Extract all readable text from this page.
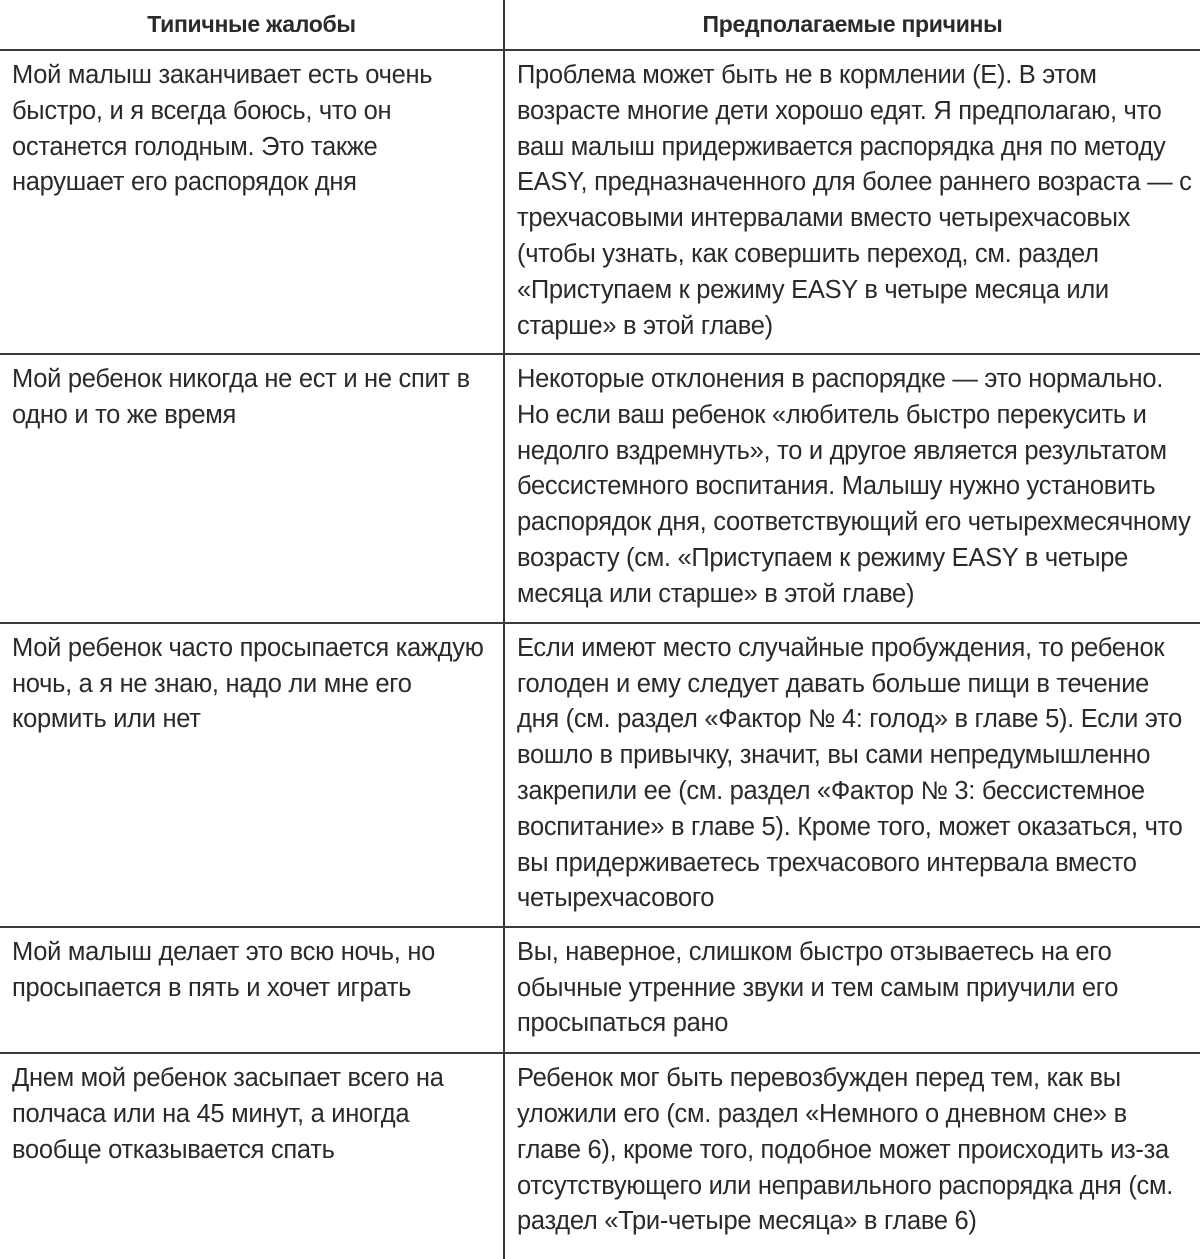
Типичные жалобы	Предполагаемые причины
Мой малыш заканчивает есть очень быстро, и я всегда боюсь, что он останется голодным. Это также нарушает его распорядок дня	Проблема может быть не в кормлении (Е). В этом возрасте многие дети хорошо едят. Я предполагаю, что ваш малыш придерживается распорядка дня по методу EASY, предназначенного для более раннего возраста — с трехчасовыми интервалами вместо четырехчасовых (чтобы узнать, как совершить переход, см. раздел «Приступаем к режиму EASY в четыре месяца или старше» в этой главе)
Мой ребенок никогда не ест и не спит в одно и то же время	Некоторые отклонения в распорядке — это нормально. Но если ваш ребенок «любитель быстро перекусить и недолго вздремнуть», то и другое является результатом бессистемного воспитания. Малышу нужно установить распорядок дня, соответствующий его четырехмесячному возрасту (см. «Приступаем к режиму EASY в четыре месяца или старше» в этой главе)
Мой ребенок часто просыпается каждую ночь, а я не знаю, надо ли мне его кормить или нет	Если имеют место случайные пробуждения, то ребенок голоден и ему следует давать больше пищи в течение дня (см. раздел «Фактор № 4: голод» в главе 5). Если это вошло в привычку, значит, вы сами непредумышленно закрепили ее (см. раздел «Фактор № 3: бессистемное воспитание» в главе 5). Кроме того, может оказаться, что вы придерживаетесь трехчасового интервала вместо четырехчасового
Мой малыш делает это всю ночь, но просыпается в пять и хочет играть	Вы, наверное, слишком быстро отзываетесь на его обычные утренние звуки и тем самым приучили его просыпаться рано
Днем мой ребенок засыпает всего на полчаса или на 45 минут, а иногда вообще отказывается спать	Ребенок мог быть перевозбужден перед тем, как вы уложили его (см. раздел «Немного о дневном сне» в главе 6), кроме того, подобное может происходить из-за отсутствующего или неправильного распорядка дня (см. раздел «Три-четыре месяца» в главе 6)
